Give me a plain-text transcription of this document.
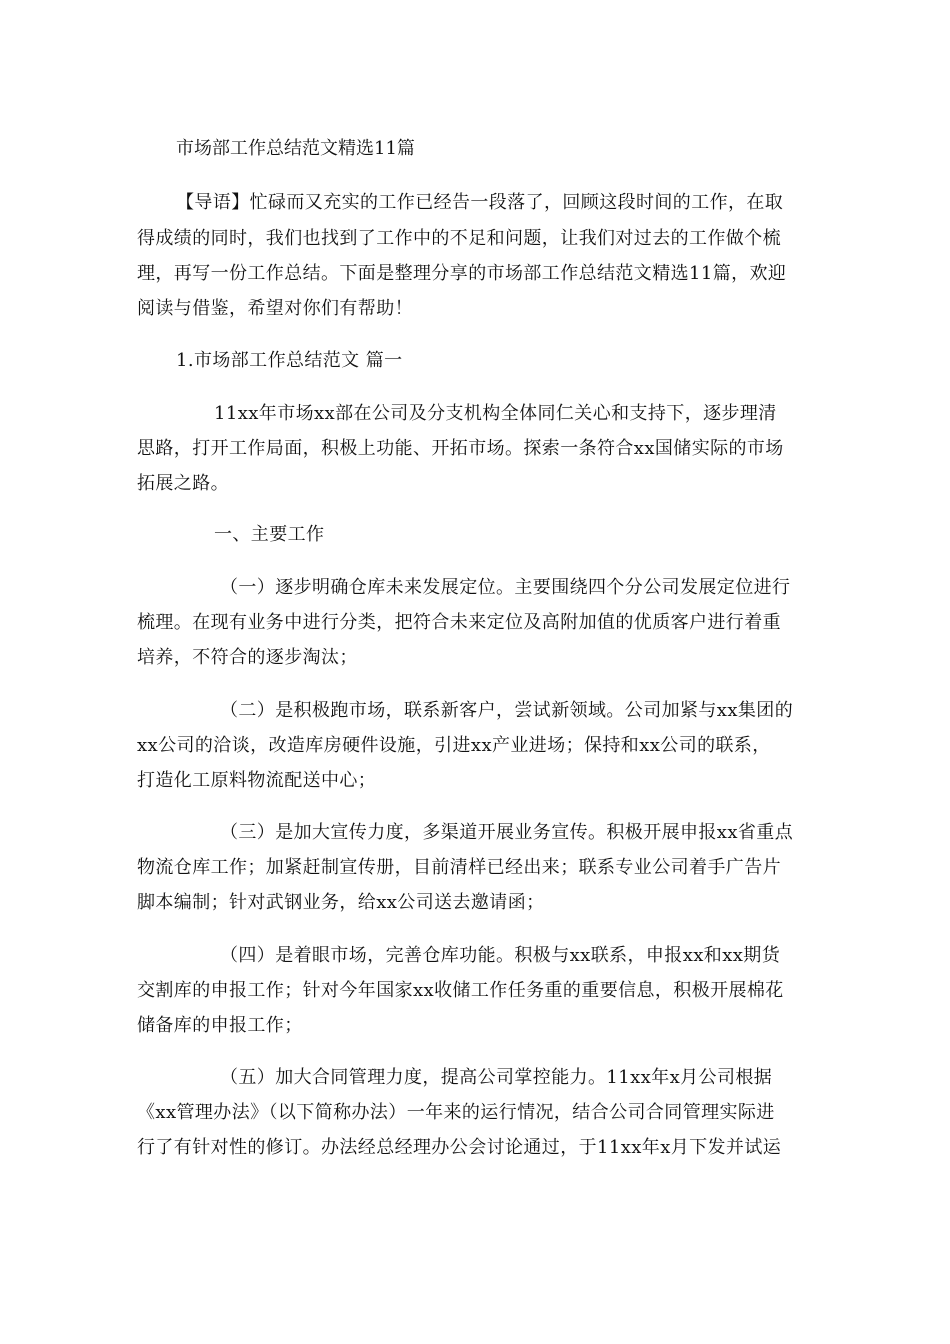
市场部工作总结范文精选11篇
【导语】忙碌而又充实的工作已经告一段落了，回顾这段时间的工作，在取
得成绩的同时，我们也找到了工作中的不足和问题，让我们对过去的工作做个梳
理，再写一份工作总结。下面是整理分享的市场部工作总结范文精选11篇，欢迎
阅读与借鉴，希望对你们有帮助！
1.市场部工作总结范文 篇一
11xx年市场xx部在公司及分支机构全体同仁关心和支持下，逐步理清
思路，打开工作局面，积极上功能、开拓市场。探索一条符合xx国储实际的市场
拓展之路。
一、主要工作
（一）逐步明确仓库未来发展定位。主要围绕四个分公司发展定位进行
梳理。在现有业务中进行分类，把符合未来定位及高附加值的优质客户进行着重
培养，不符合的逐步淘汰；
（二）是积极跑市场，联系新客户，尝试新领域。公司加紧与xx集团的
xx公司的洽谈，改造库房硬件设施，引进xx产业进场；保持和xx公司的联系，
打造化工原料物流配送中心；
（三）是加大宣传力度，多渠道开展业务宣传。积极开展申报xx省重点
物流仓库工作；加紧赶制宣传册，目前清样已经出来；联系专业公司着手广告片
脚本编制；针对武钢业务，给xx公司送去邀请函；
（四）是着眼市场，完善仓库功能。积极与xx联系，申报xx和xx期货
交割库的申报工作；针对今年国家xx收储工作任务重的重要信息，积极开展棉花
储备库的申报工作；
（五）加大合同管理力度，提高公司掌控能力。11xx年x月公司根据
《xx管理办法》（以下简称办法）一年来的运行情况，结合公司合同管理实际进
行了有针对性的修订。办法经总经理办公会讨论通过，于11xx年x月下发并试运
